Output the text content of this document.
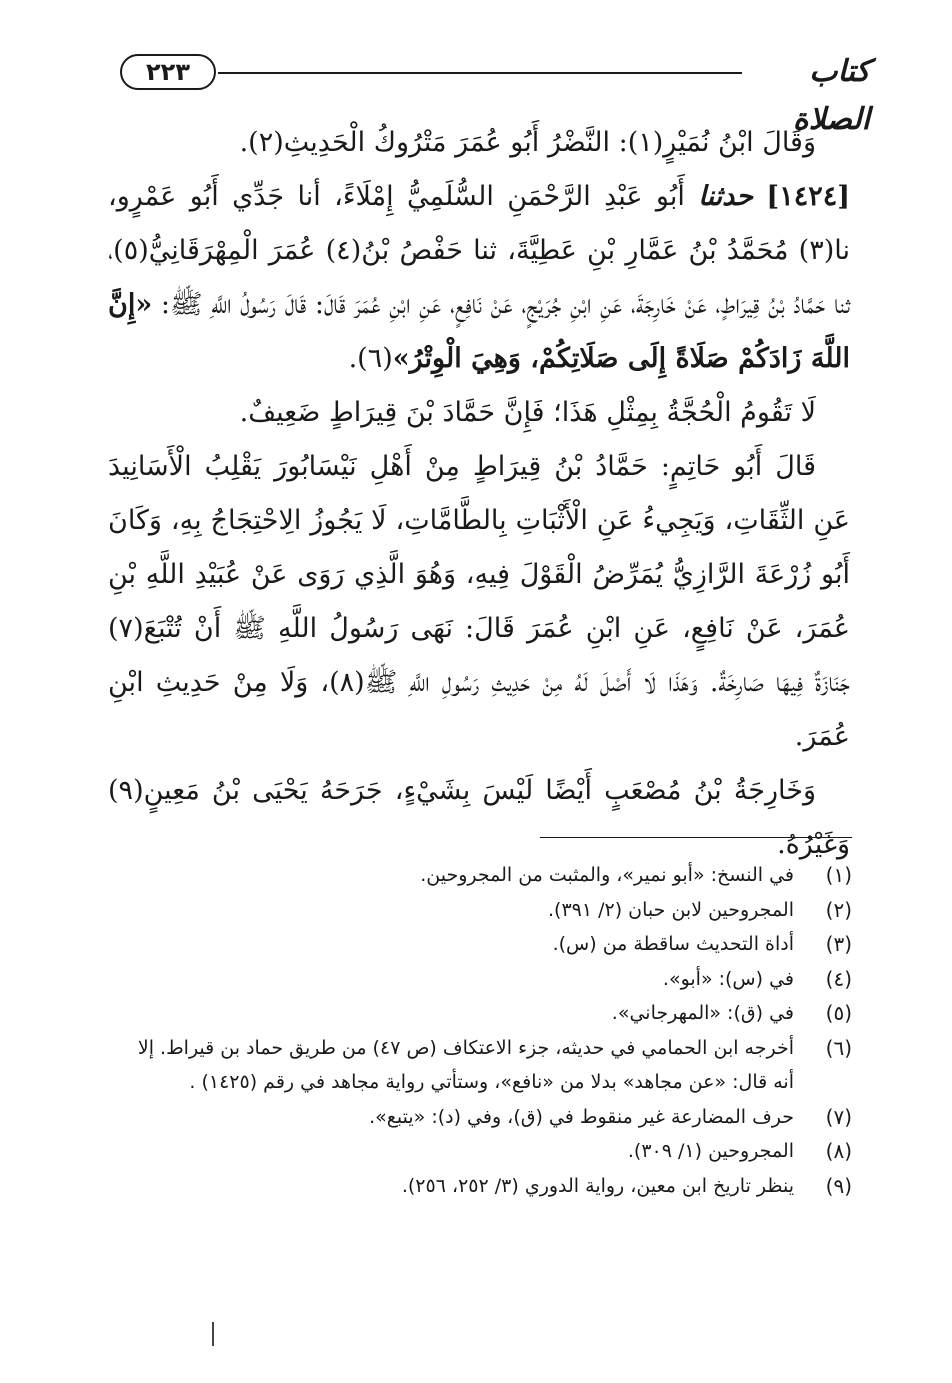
٢٢٣	كتاب الصلاة

وَقَالَ ابْنُ نُمَيْرٍ(١): النَّضْرُ أَبُو عُمَرَ مَتْرُوكُ الْحَدِيثِ(٢).

[١٤٢٤] حدثنا أَبُو عَبْدِ الرَّحْمَنِ السُّلَمِيُّ إِمْلَاءً، أنا جَدِّي أَبُو عَمْرٍو، نا(٣) مُحَمَّدُ بْنُ عَمَّارِ بْنِ عَطِيَّةَ، ثنا حَفْصُ بْنُ(٤) عُمَرَ الْمِهْرَقَانِيُّ(٥)، ثنا حَمَّادُ بْنُ قِيرَاطٍ، عَنْ خَارِجَةَ، عَنِ ابْنِ جُرَيْجٍ، عَنْ نَافِعٍ، عَنِ ابْنِ عُمَرَ قَالَ: قَالَ رَسُولُ اللَّهِ ﷺ: «إِنَّ اللَّهَ زَادَكُمْ صَلَاةً إِلَى صَلَاتِكُمْ، وَهِيَ الْوِتْرُ»(٦).

لَا تَقُومُ الْحُجَّةُ بِمِثْلِ هَذَا؛ فَإِنَّ حَمَّادَ بْنَ قِيرَاطٍ ضَعِيفٌ.

قَالَ أَبُو حَاتِمٍ: حَمَّادُ بْنُ قِيرَاطٍ مِنْ أَهْلِ نَيْسَابُورَ يَقْلِبُ الْأَسَانِيدَ عَنِ الثِّقَاتِ، وَيَجِيءُ عَنِ الْأَثْبَاتِ بِالطَّامَّاتِ، لَا يَجُوزُ الِاحْتِجَاجُ بِهِ، وَكَانَ أَبُو زُرْعَةَ الرَّازِيُّ يُمَرِّضُ الْقَوْلَ فِيهِ، وَهُوَ الَّذِي رَوَى عَنْ عُبَيْدِ اللَّهِ بْنِ عُمَرَ، عَنْ نَافِعٍ، عَنِ ابْنِ عُمَرَ قَالَ: نَهَى رَسُولُ اللَّهِ ﷺ أَنْ تُتْبَعَ(٧) جَنَازَةٌ فِيهَا صَارِخَةٌ. وَهَذَا لَا أَصْلَ لَهُ مِنْ حَدِيثِ رَسُولِ اللَّهِ ﷺ(٨)، وَلَا مِنْ حَدِيثِ ابْنِ عُمَرَ.

وَخَارِجَةُ بْنُ مُصْعَبٍ أَيْضًا لَيْسَ بِشَيْءٍ، جَرَحَهُ يَحْيَى بْنُ مَعِينٍ(٩) وَغَيْرُهُ.

(١)
في النسخ: «أبو نمير»، والمثبت من المجروحين.
(٢)
المجروحين لابن حبان (٢/ ٣٩١).
(٣)
أداة التحديث ساقطة من (س).
(٤)
في (س): «أبو».
(٥)
في (ق): «المهرجاني».
(٦)
أخرجه ابن الحمامي في حديثه، جزء الاعتكاف (ص ٤٧) من طريق حماد بن قيراط. إلا أنه قال: «عن مجاهد» بدلا من «نافع»، وستأتي رواية مجاهد في رقم (١٤٢٥) .
(٧)
حرف المضارعة غير منقوط في (ق)، وفي (د): «يتبع».
(٨)
المجروحين (١/ ٣٠٩).
(٩)
ينظر تاريخ ابن معين، رواية الدوري (٣/ ٢٥٢، ٢٥٦).
